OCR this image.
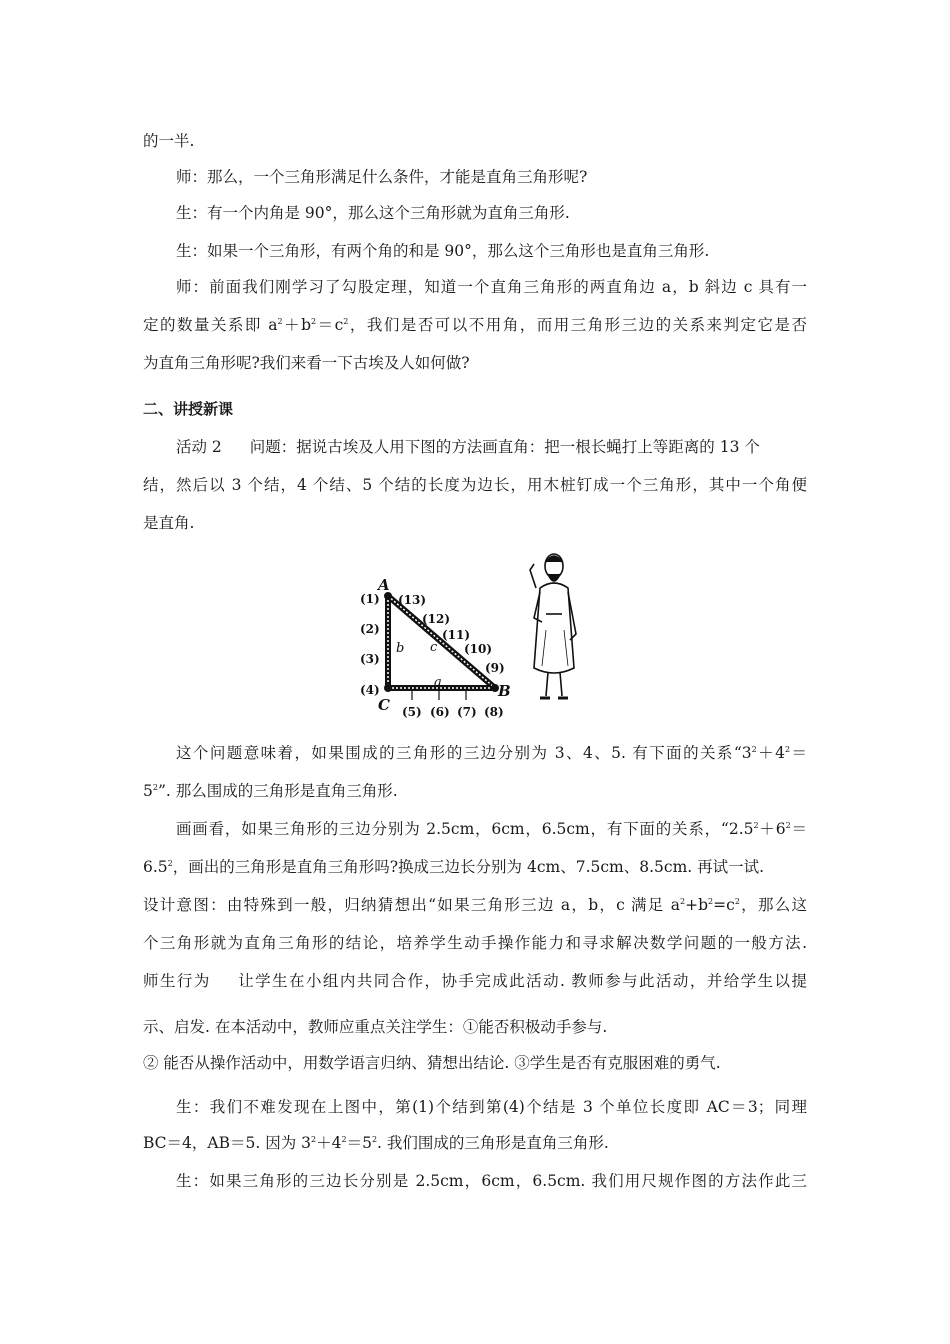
的一半.
师：那么，一个三角形满足什么条件，才能是直角三角形呢?
生：有一个内角是 90°，那么这个三角形就为直角三角形.
生：如果一个三角形，有两个角的和是 90°，那么这个三角形也是直角三角形.
师：前面我们刚学习了勾股定理，知道一个直角三角形的两直角边 a，b 斜边 c 具有一
定的数量关系即 $a^2+b^2=c^2$，我们是否可以不用角，而用三角形三边的关系来判定它是否
为直角三角形呢?我们来看一下古埃及人如何做?
二、讲授新课
活动 2 问题：据说古埃及人用下图的方法画直角：把一根长蝇打上等距离的 13 个
结，然后以 3 个结，4 个结、5 个结的长度为边长，用木桩钉成一个三角形，其中一个角便
是直角.
A
B
C
b
a
c
(1)
(2)
(3)
(4)
(5) (6) (7) (8)
(9)
(10)
(11)
(12)
(13)
这个问题意味着，如果围成的三角形的三边分别为 3、4、5. 有下面的关系“$3^2+4^2=$
$5^2$”. 那么围成的三角形是直角三角形.
画画看，如果三角形的三边分别为 2.5cm，6cm，6.5cm，有下面的关系，“$2.5^2+6^2=$
$6.5^2$，画出的三角形是直角三角形吗?换成三边长分别为 4cm、7.5cm、8.5cm. 再试一试.
设计意图：由特殊到一般，归纳猜想出“如果三角形三边 a，b，c 满足 $a^2+b^2=c^2$，那么这
个三角形就为直角三角形的结论，培养学生动手操作能力和寻求解决数学问题的一般方法.
师生行为 让学生在小组内共同合作，协手完成此活动. 教师参与此活动，并给学生以提
示、启发. 在本活动中，教师应重点关注学生：①能否积极动手参与.
② 能否从操作活动中，用数学语言归纳、猜想出结论. ③学生是否有克服困难的勇气.
生：我们不难发现在上图中，第(1)个结到第(4)个结是 3 个单位长度即 AC＝3；同理
BC＝4，AB＝5. 因为 $3^2+4^2=5^2$. 我们围成的三角形是直角三角形.
生：如果三角形的三边长分别是 2.5cm，6cm，6.5cm. 我们用尺规作图的方法作此三
